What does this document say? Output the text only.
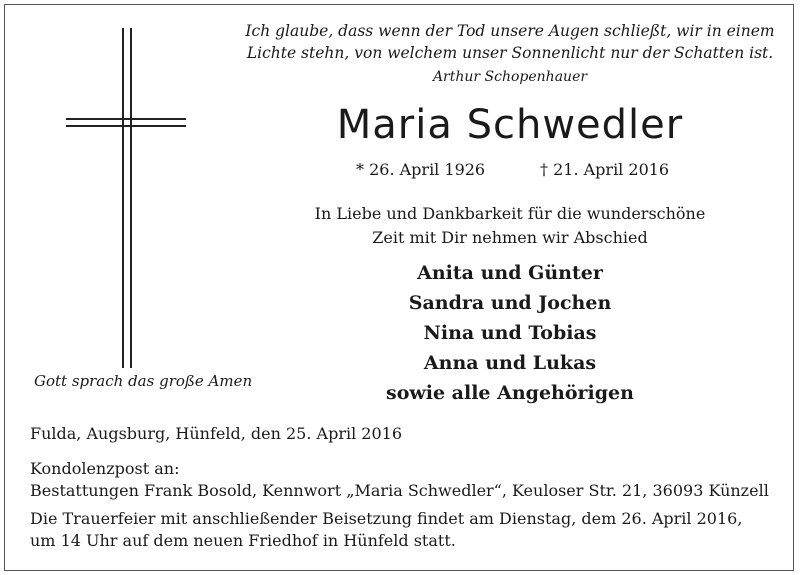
Ich glaube, dass wenn der Tod unsere Augen schließt, wir in einem
Lichte stehn, von welchem unser Sonnenlicht nur der Schatten ist.
Arthur Schopenhauer
Maria Schwedler
* 26. April 1926	† 21. April 2016
In Liebe und Dankbarkeit für die wunderschöne
Zeit mit Dir nehmen wir Abschied
Anita und Günter
Sandra und Jochen
Nina und Tobias
Anna und Lukas
sowie alle Angehörigen
Gott sprach das große Amen
Fulda, Augsburg, Hünfeld, den 25. April 2016
Kondolenzpost an:
Bestattungen Frank Bosold, Kennwort „Maria Schwedler“, Keuloser Str. 21, 36093 Künzell
Die Trauerfeier mit anschließender Beisetzung findet am Dienstag, dem 26. April 2016,
um 14 Uhr auf dem neuen Friedhof in Hünfeld statt.
